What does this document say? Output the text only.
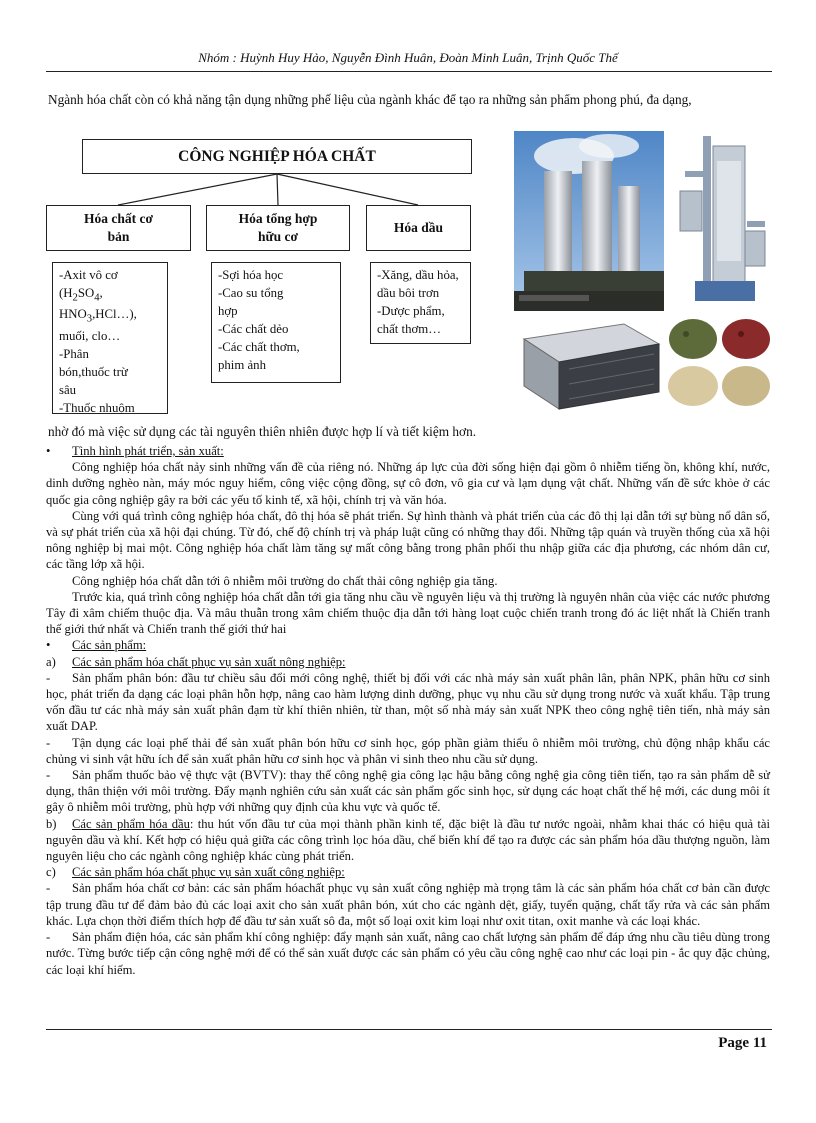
Nhóm : Huỳnh Huy Hảo, Nguyễn Đình Huân, Đoàn Minh Luân, Trịnh Quốc Thế
Ngành hóa chất còn có khả năng tận dụng những phế liệu của ngành khác để tạo ra những sản phẩm phong phú, đa dạng,
CÔNG NGHIỆP HÓA CHẤT
Hóa chất cơ
bản
Hóa tổng hợp
hữu cơ
Hóa dầu
-Axit vô cơ
($H_2SO_4$,
$HNO_3,HCl\dots$),
muối, clo…
-Phân
bón,thuốc trừ
sâu
-Thuốc nhuộm
-Sợi hóa học
-Cao su tổng
hợp
-Các chất dẻo
-Các chất thơm,
phim ảnh
-Xăng, dầu hỏa,
dầu bôi trơn
-Dược phẩm,
chất thơm…
nhờ đó mà việc sử dụng các tài nguyên thiên nhiên được hợp lí và tiết kiệm hơn.
•	Tình hình phát triển, sản xuất:

Công nghiệp hóa chất nảy sinh những vấn đề của riêng nó. Những áp lực của đời sống hiện đại gồm ô nhiễm tiếng ồn, không khí, nước, dinh dưỡng nghèo nàn, máy móc nguy hiểm, công việc cộng đồng, sự cô đơn, vô gia cư và lạm dụng vật chất. Những vấn đề sức khỏe ở các quốc gia công nghiệp gây ra bởi các yếu tố kinh tế, xã hội, chính trị và văn hóa.

Cùng với quá trình công nghiệp hóa chất, đô thị hóa sẽ phát triển. Sự hình thành và phát triển của các đô thị lại dẫn tới sự bùng nổ dân số, và sự phát triển của xã hội đại chúng. Từ đó, chế độ chính trị và pháp luật cũng có những thay đổi. Những tập quán và truyền thống của xã hội nông nghiệp bị mai một. Công nghiệp hóa chất làm tăng sự mất công bằng trong phân phối thu nhập giữa các địa phương, các nhóm dân cư, các tầng lớp xã hội.

Công nghiệp hóa chất dẫn tới ô nhiễm môi trường do chất thải công nghiệp gia tăng.

Trước kia, quá trình công nghiệp hóa chất dẫn tới gia tăng nhu cầu về nguyên liệu và thị trường là nguyên nhân của việc các nước phương Tây đi xâm chiếm thuộc địa. Và mâu thuẫn trong xâm chiếm thuộc địa dẫn tới hàng loạt cuộc chiến tranh trong đó ác liệt nhất là Chiến tranh thế giới thứ nhất và Chiến tranh thế giới thứ hai

•	Các sản phẩm:
a)	Các sản phẩm hóa chất phục vụ sản xuất nông nghiệp:

- Sản phẩm phân bón: đầu tư chiều sâu đổi mới công nghệ, thiết bị đối với các nhà máy sản xuất phân lân, phân NPK, phân hữu cơ sinh học, phát triển đa dạng các loại phân hỗn hợp, nâng cao hàm lượng dinh dưỡng, phục vụ nhu cầu sử dụng trong nước và xuất khẩu. Tập trung vốn đầu tư các nhà máy sản xuất phân đạm từ khí thiên nhiên, từ than, một số nhà máy sản xuất NPK theo công nghệ tiên tiến, nhà máy sản xuất DAP.

- Tận dụng các loại phế thải để sản xuất phân bón hữu cơ sinh học, góp phần giảm thiểu ô nhiễm môi trường, chủ động nhập khẩu các chủng vi sinh vật hữu ích để sản xuất phân hữu cơ sinh học và phân vi sinh theo nhu cầu sử dụng.

- Sản phẩm thuốc bảo vệ thực vật (BVTV): thay thế công nghệ gia công lạc hậu bằng công nghệ gia công tiên tiến, tạo ra sản phẩm dễ sử dụng, thân thiện với môi trường. Đẩy mạnh nghiên cứu sản xuất các sản phẩm gốc sinh học, sử dụng các hoạt chất thế hệ mới, các dung môi ít gây ô nhiễm môi trường, phù hợp với những quy định của khu vực và quốc tế.

b) Các sản phẩm hóa dầu: thu hút vốn đầu tư của mọi thành phần kinh tế, đặc biệt là đầu tư nước ngoài, nhằm khai thác có hiệu quả tài nguyên dầu và khí. Kết hợp có hiệu quả giữa các công trình lọc hóa dầu, chế biến khí để tạo ra được các sản phẩm hóa dầu thượng nguồn, làm nguyên liệu cho các ngành công nghiệp khác cùng phát triển.

c)	Các sản phẩm hóa chất phục vụ sản xuất công nghiệp:

- Sản phẩm hóa chất cơ bản: các sản phẩm hóachất phục vụ sản xuất công nghiệp mà trọng tâm là các sản phẩm hóa chất cơ bản cần được tập trung đầu tư để đảm bảo đủ các loại axit cho sản xuất phân bón, xút cho các ngành dệt, giấy, tuyển quặng, chất tẩy rửa và các sản phẩm khác. Lựa chọn thời điểm thích hợp để đầu tư sản xuất sô đa, một số loại oxit kim loại như oxit titan, oxit manhe và các loại khác.

- Sản phẩm điện hóa, các sản phẩm khí công nghiệp: đẩy mạnh sản xuất, nâng cao chất lượng sản phẩm để đáp ứng nhu cầu tiêu dùng trong nước. Từng bước tiếp cận công nghệ mới để có thể sản xuất được các sản phẩm có yêu cầu công nghệ cao như các loại pin - ắc quy đặc chủng, các loại khí hiếm.

Page 11
